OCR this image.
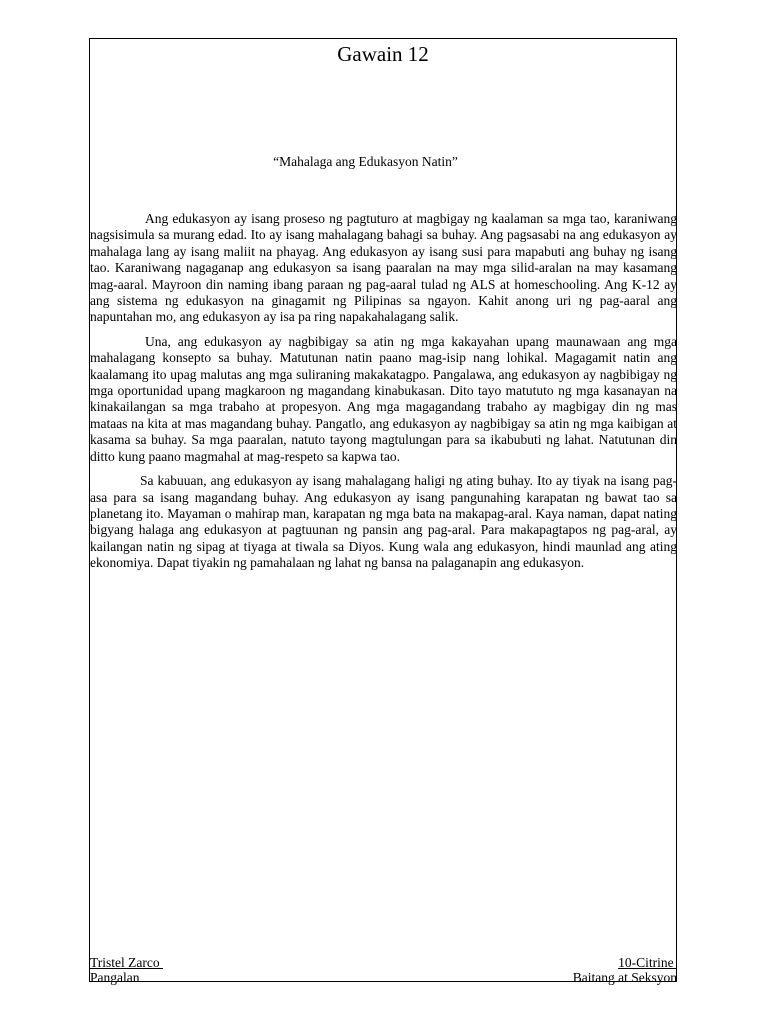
Gawain 12

“Mahalaga ang Edukasyon Natin”

Ang edukasyon ay isang proseso ng pagtuturo at magbigay ng kaalaman sa mga tao, karaniwang nagsisimula sa murang edad. Ito ay isang mahalagang bahagi sa buhay. Ang pagsasabi na ang edukasyon ay mahalaga lang ay isang maliit na phayag. Ang edukasyon ay isang susi para mapabuti ang buhay ng isang tao. Karaniwang nagaganap ang edukasyon sa isang paaralan na may mga silid-aralan na may kasamang mag-aaral. Mayroon din naming ibang paraan ng pag-aaral tulad ng ALS at homeschooling. Ang K-12 ay ang sistema ng edukasyon na ginagamit ng Pilipinas sa ngayon. Kahit anong uri ng pag-aaral ang napuntahan mo, ang edukasyon ay isa pa ring napakahalagang salik.

Una, ang edukasyon ay nagbibigay sa atin ng mga kakayahan upang maunawaan ang mga mahalagang konsepto sa buhay. Matutunan natin paano mag-isip nang lohikal. Magagamit natin ang kaalamang ito upag malutas ang mga suliraning makakatagpo. Pangalawa, ang edukasyon ay nagbibigay ng mga oportunidad upang magkaroon ng magandang kinabukasan. Dito tayo matututo ng mga kasanayan na kinakailangan sa mga trabaho at propesyon. Ang mga magagandang trabaho ay magbigay din ng mas mataas na kita at mas magandang buhay. Pangatlo, ang edukasyon ay nagbibigay sa atin ng mga kaibigan at kasama sa buhay. Sa mga paaralan, natuto tayong magtulungan para sa ikabubuti ng lahat. Natutunan din ditto kung paano magmahal at mag-respeto sa kapwa tao.

Sa kabuuan, ang edukasyon ay isang mahalagang haligi ng ating buhay. Ito ay tiyak na isang pag-asa para sa isang magandang buhay. Ang edukasyon ay isang pangunahing karapatan ng bawat tao sa planetang ito. Mayaman o mahirap man, karapatan ng mga bata na makapag-aral. Kaya naman, dapat nating bigyang halaga ang edukasyon at pagtuunan ng pansin ang pag-aral. Para makapagtapos ng pag-aral, ay kailangan natin ng sipag at tiyaga at tiwala sa Diyos. Kung wala ang edukasyon, hindi maunlad ang ating ekonomiya. Dapat tiyakin ng pamahalaan ng lahat ng bansa na palaganapin ang edukasyon.

Tristel Zarco
Pangalan
10-Citrine
Baitang at Seksyon
